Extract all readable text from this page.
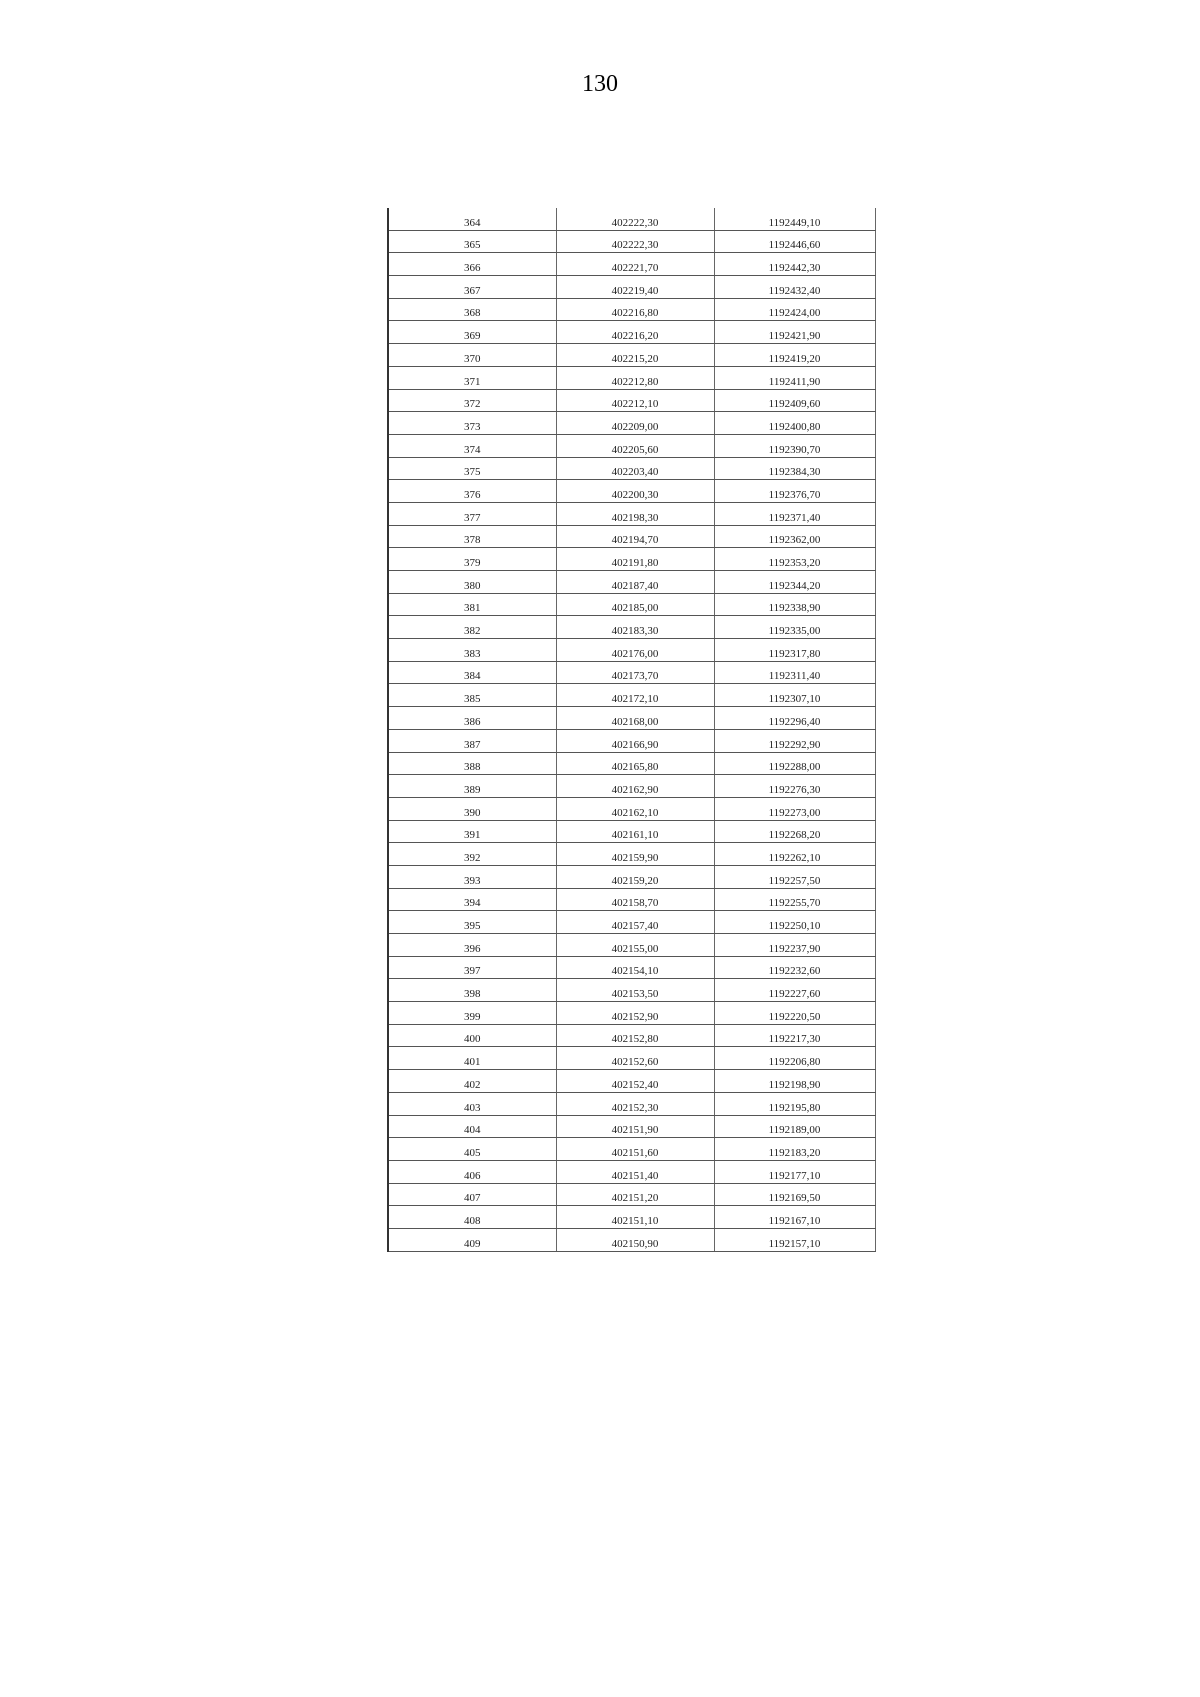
130
364	402222,30	1192449,10
365	402222,30	1192446,60
366	402221,70	1192442,30
367	402219,40	1192432,40
368	402216,80	1192424,00
369	402216,20	1192421,90
370	402215,20	1192419,20
371	402212,80	1192411,90
372	402212,10	1192409,60
373	402209,00	1192400,80
374	402205,60	1192390,70
375	402203,40	1192384,30
376	402200,30	1192376,70
377	402198,30	1192371,40
378	402194,70	1192362,00
379	402191,80	1192353,20
380	402187,40	1192344,20
381	402185,00	1192338,90
382	402183,30	1192335,00
383	402176,00	1192317,80
384	402173,70	1192311,40
385	402172,10	1192307,10
386	402168,00	1192296,40
387	402166,90	1192292,90
388	402165,80	1192288,00
389	402162,90	1192276,30
390	402162,10	1192273,00
391	402161,10	1192268,20
392	402159,90	1192262,10
393	402159,20	1192257,50
394	402158,70	1192255,70
395	402157,40	1192250,10
396	402155,00	1192237,90
397	402154,10	1192232,60
398	402153,50	1192227,60
399	402152,90	1192220,50
400	402152,80	1192217,30
401	402152,60	1192206,80
402	402152,40	1192198,90
403	402152,30	1192195,80
404	402151,90	1192189,00
405	402151,60	1192183,20
406	402151,40	1192177,10
407	402151,20	1192169,50
408	402151,10	1192167,10
409	402150,90	1192157,10
